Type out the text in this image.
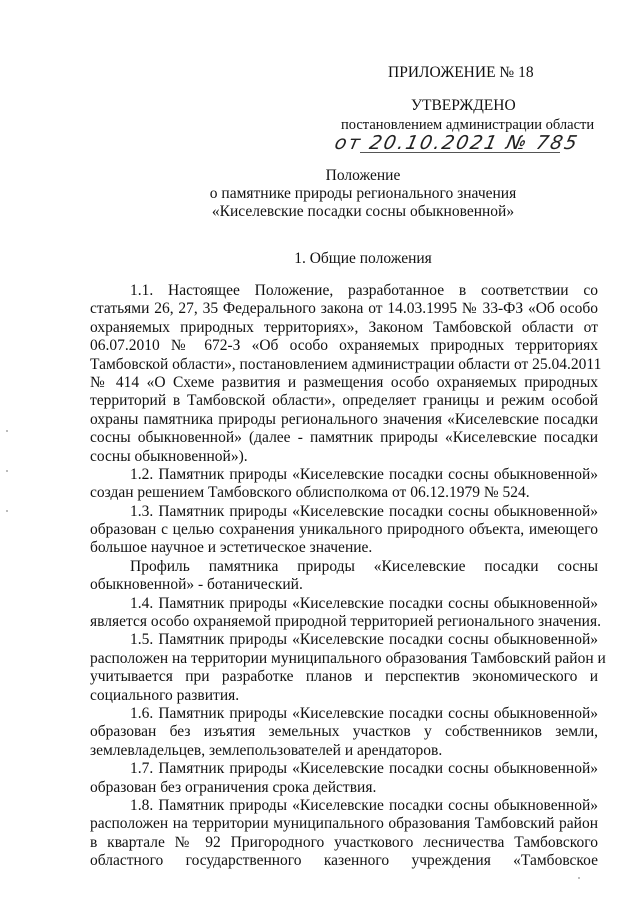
ПРИЛОЖЕНИЕ № 18
УТВЕРЖДЕНО
постановлением администрации области
от 20.10.2021 № 785
Положение
о памятнике природы регионального значения
«Киселевские посадки сосны обыкновенной»
1. Общие положения
1.1. Настоящее Положение, разработанное в соответствии со
статьями 26, 27, 35 Федерального закона от 14.03.1995 № 33-ФЗ «Об особо
охраняемых природных территориях», Законом Тамбовской области от
06.07.2010 № 672-З «Об особо охраняемых природных территориях
Тамбовской области», постановлением администрации области от 25.04.2011
№ 414 «О Схеме развития и размещения особо охраняемых природных
территорий в Тамбовской области», определяет границы и режим особой
охраны памятника природы регионального значения «Киселевские посадки
сосны обыкновенной» (далее - памятник природы «Киселевские посадки
сосны обыкновенной»).
1.2. Памятник природы «Киселевские посадки сосны обыкновенной»
создан решением Тамбовского облисполкома от 06.12.1979 № 524.
1.3. Памятник природы «Киселевские посадки сосны обыкновенной»
образован с целью сохранения уникального природного объекта, имеющего
большое научное и эстетическое значение.
Профиль памятника природы «Киселевские посадки сосны
обыкновенной» - ботанический.
1.4. Памятник природы «Киселевские посадки сосны обыкновенной»
является особо охраняемой природной территорией регионального значения.
1.5. Памятник природы «Киселевские посадки сосны обыкновенной»
расположен на территории муниципального образования Тамбовский район и
учитывается при разработке планов и перспектив экономического и
социального развития.
1.6. Памятник природы «Киселевские посадки сосны обыкновенной»
образован без изъятия земельных участков у собственников земли,
землевладельцев, землепользователей и арендаторов.
1.7. Памятник природы «Киселевские посадки сосны обыкновенной»
образован без ограничения срока действия.
1.8. Памятник природы «Киселевские посадки сосны обыкновенной»
расположен на территории муниципального образования Тамбовский район
в квартале № 92 Пригородного участкового лесничества Тамбовского
областного государственного казенного учреждения «Тамбовское
